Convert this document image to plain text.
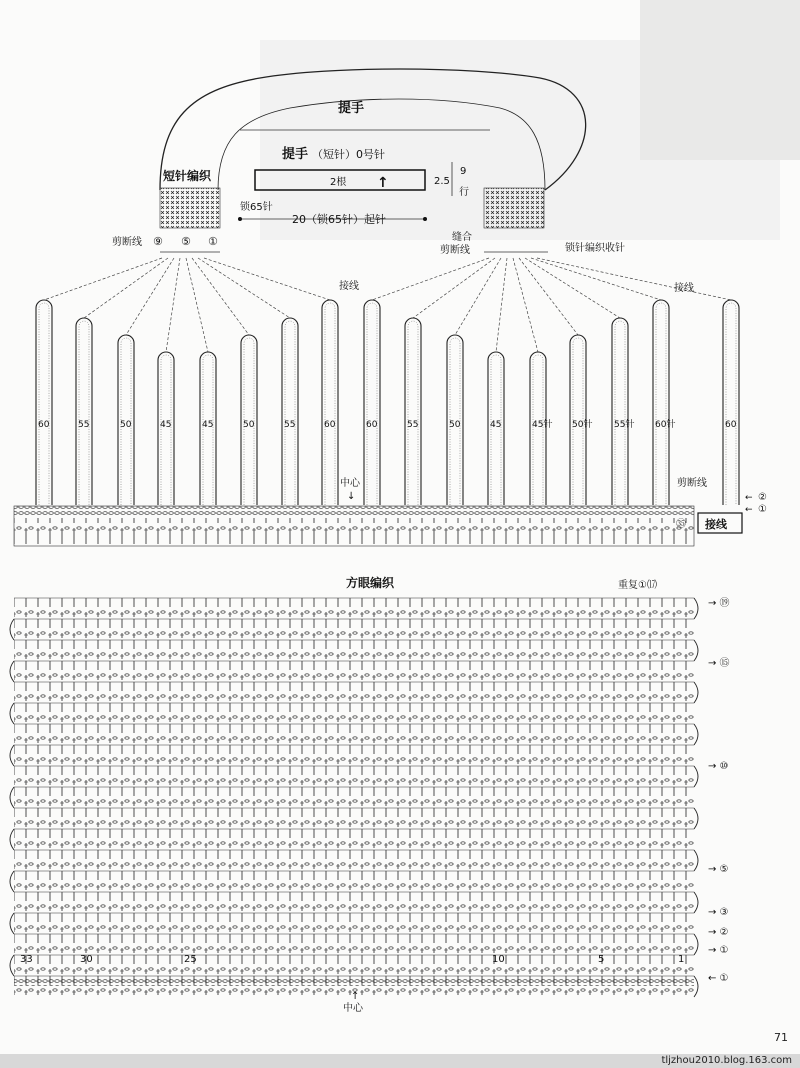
提手
提手 （短针）0号针
2根 ↑	2.5
9
行
20（锁65针）起针
短针编织
锁65针
剪断线 ⑨ ⑤ ①	缝合
剪断线	锁针编织收针
60	55	50	45	45	50	55	60	60	55	50	45	45针 50针 55针 60针	60
接线	接线
中心
↓
剪断线
接线
㉟
②
①
←
←
方眼编织	重复①⒄
→ ⑲
→ ⑮
→ ⑩
→ ⑤
→ ③
→ ②
→ ①
← ①
33	30	25	10	5	1
↑
中心
71
tljzhou2010.blog.163.com
